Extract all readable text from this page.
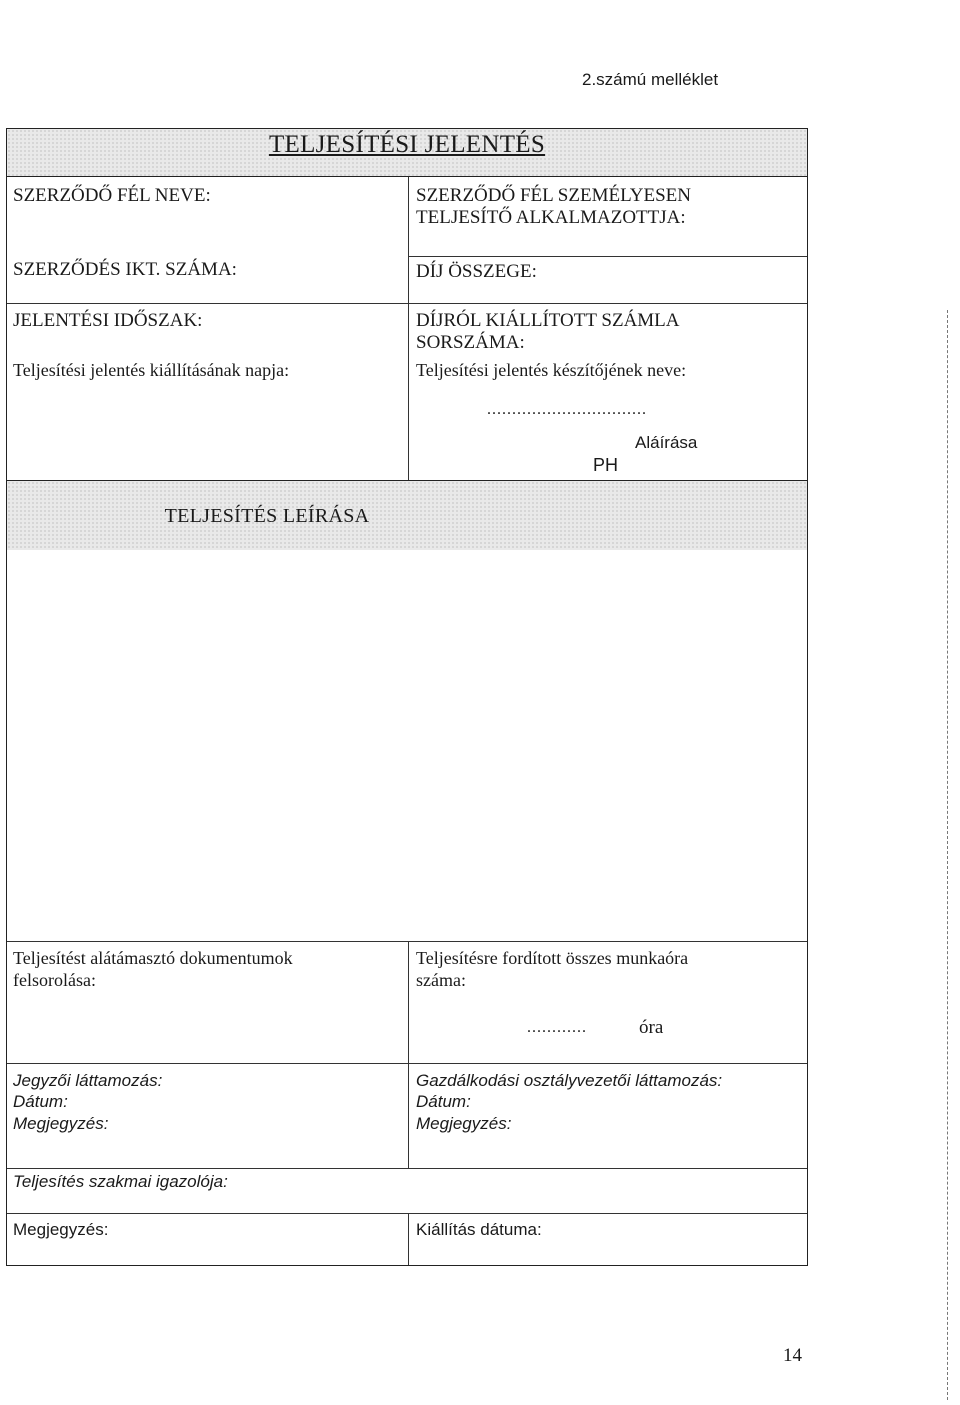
2.számú melléklet
TELJESÍTÉSI JELENTÉS
SZERZŐDŐ FÉL NEVE:
SZERZŐDÉS IKT. SZÁMA:
JELENTÉSI IDŐSZAK:
Teljesítési jelentés kiállításának napja:
SZERZŐDŐ FÉL SZEMÉLYESEN
TELJESÍTŐ ALKALMAZOTTJA:
DÍJ ÖSSZEGE:
DÍJRÓL KIÁLLÍTOTT SZÁMLA
SORSZÁMA:
Teljesítési jelentés készítőjének neve:
................................
Aláírása
PH
TELJESÍTÉS LEÍRÁSA
Teljesítést alátámasztó dokumentumok
felsorolása:
Teljesítésre fordított összes munkaóra
száma:
............	óra
Jegyzői láttamozás:
Dátum:
Megjegyzés:
Gazdálkodási osztályvezetői láttamozás:
Dátum:
Megjegyzés:
Teljesítés szakmai igazolója:
Megjegyzés:	Kiállítás dátuma:
14
